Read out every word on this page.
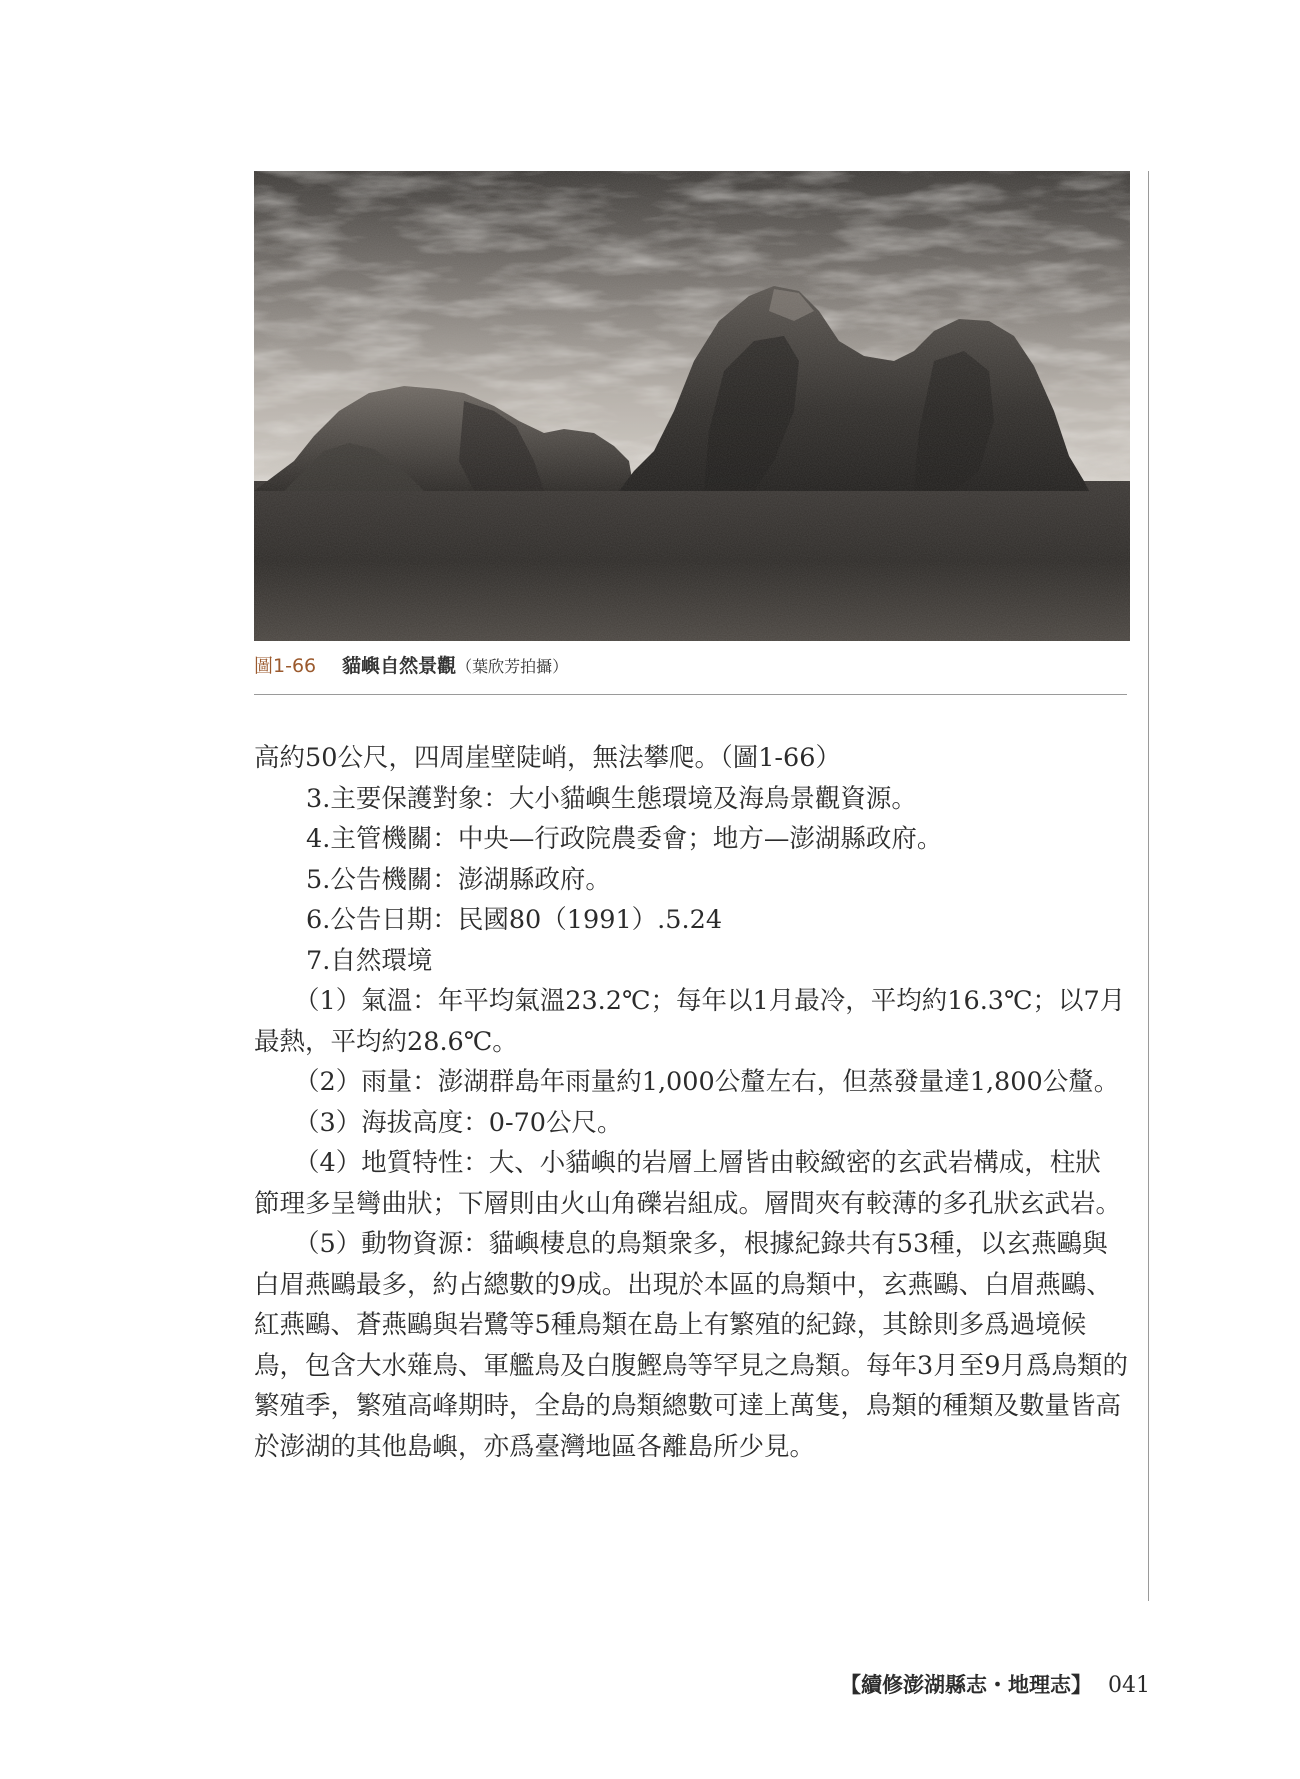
圖1-66 貓嶼自然景觀（葉欣芳拍攝）

高約50公尺，四周崖壁陡峭，無法攀爬。（圖1-66）

3.主要保護對象：大小貓嶼生態環境及海鳥景觀資源。

4.主管機關：中央—行政院農委會；地方—澎湖縣政府。

5.公告機關：澎湖縣政府。

6.公告日期：民國80（1991）.5.24

7.自然環境

（1）氣溫：年平均氣溫23.2℃；每年以1月最冷，平均約16.3℃；以7月

最熱，平均約28.6℃。

（2）雨量：澎湖群島年雨量約1,000公釐左右，但蒸發量達1,800公釐。

（3）海拔高度：0-70公尺。

（4）地質特性：大、小貓嶼的岩層上層皆由較緻密的玄武岩構成，柱狀

節理多呈彎曲狀；下層則由火山角礫岩組成。層間夾有較薄的多孔狀玄武岩。

（5）動物資源：貓嶼棲息的鳥類衆多，根據紀錄共有53種，以玄燕鷗與

白眉燕鷗最多，約占總數的9成。出現於本區的鳥類中，玄燕鷗、白眉燕鷗、

紅燕鷗、蒼燕鷗與岩鷺等5種鳥類在島上有繁殖的紀錄，其餘則多爲過境候

鳥，包含大水薙鳥、軍艦鳥及白腹鰹鳥等罕見之鳥類。每年3月至9月爲鳥類的

繁殖季，繁殖高峰期時，全島的鳥類總數可達上萬隻，鳥類的種類及數量皆高

於澎湖的其他島嶼，亦爲臺灣地區各離島所少見。

【續修澎湖縣志・地理志】 041
